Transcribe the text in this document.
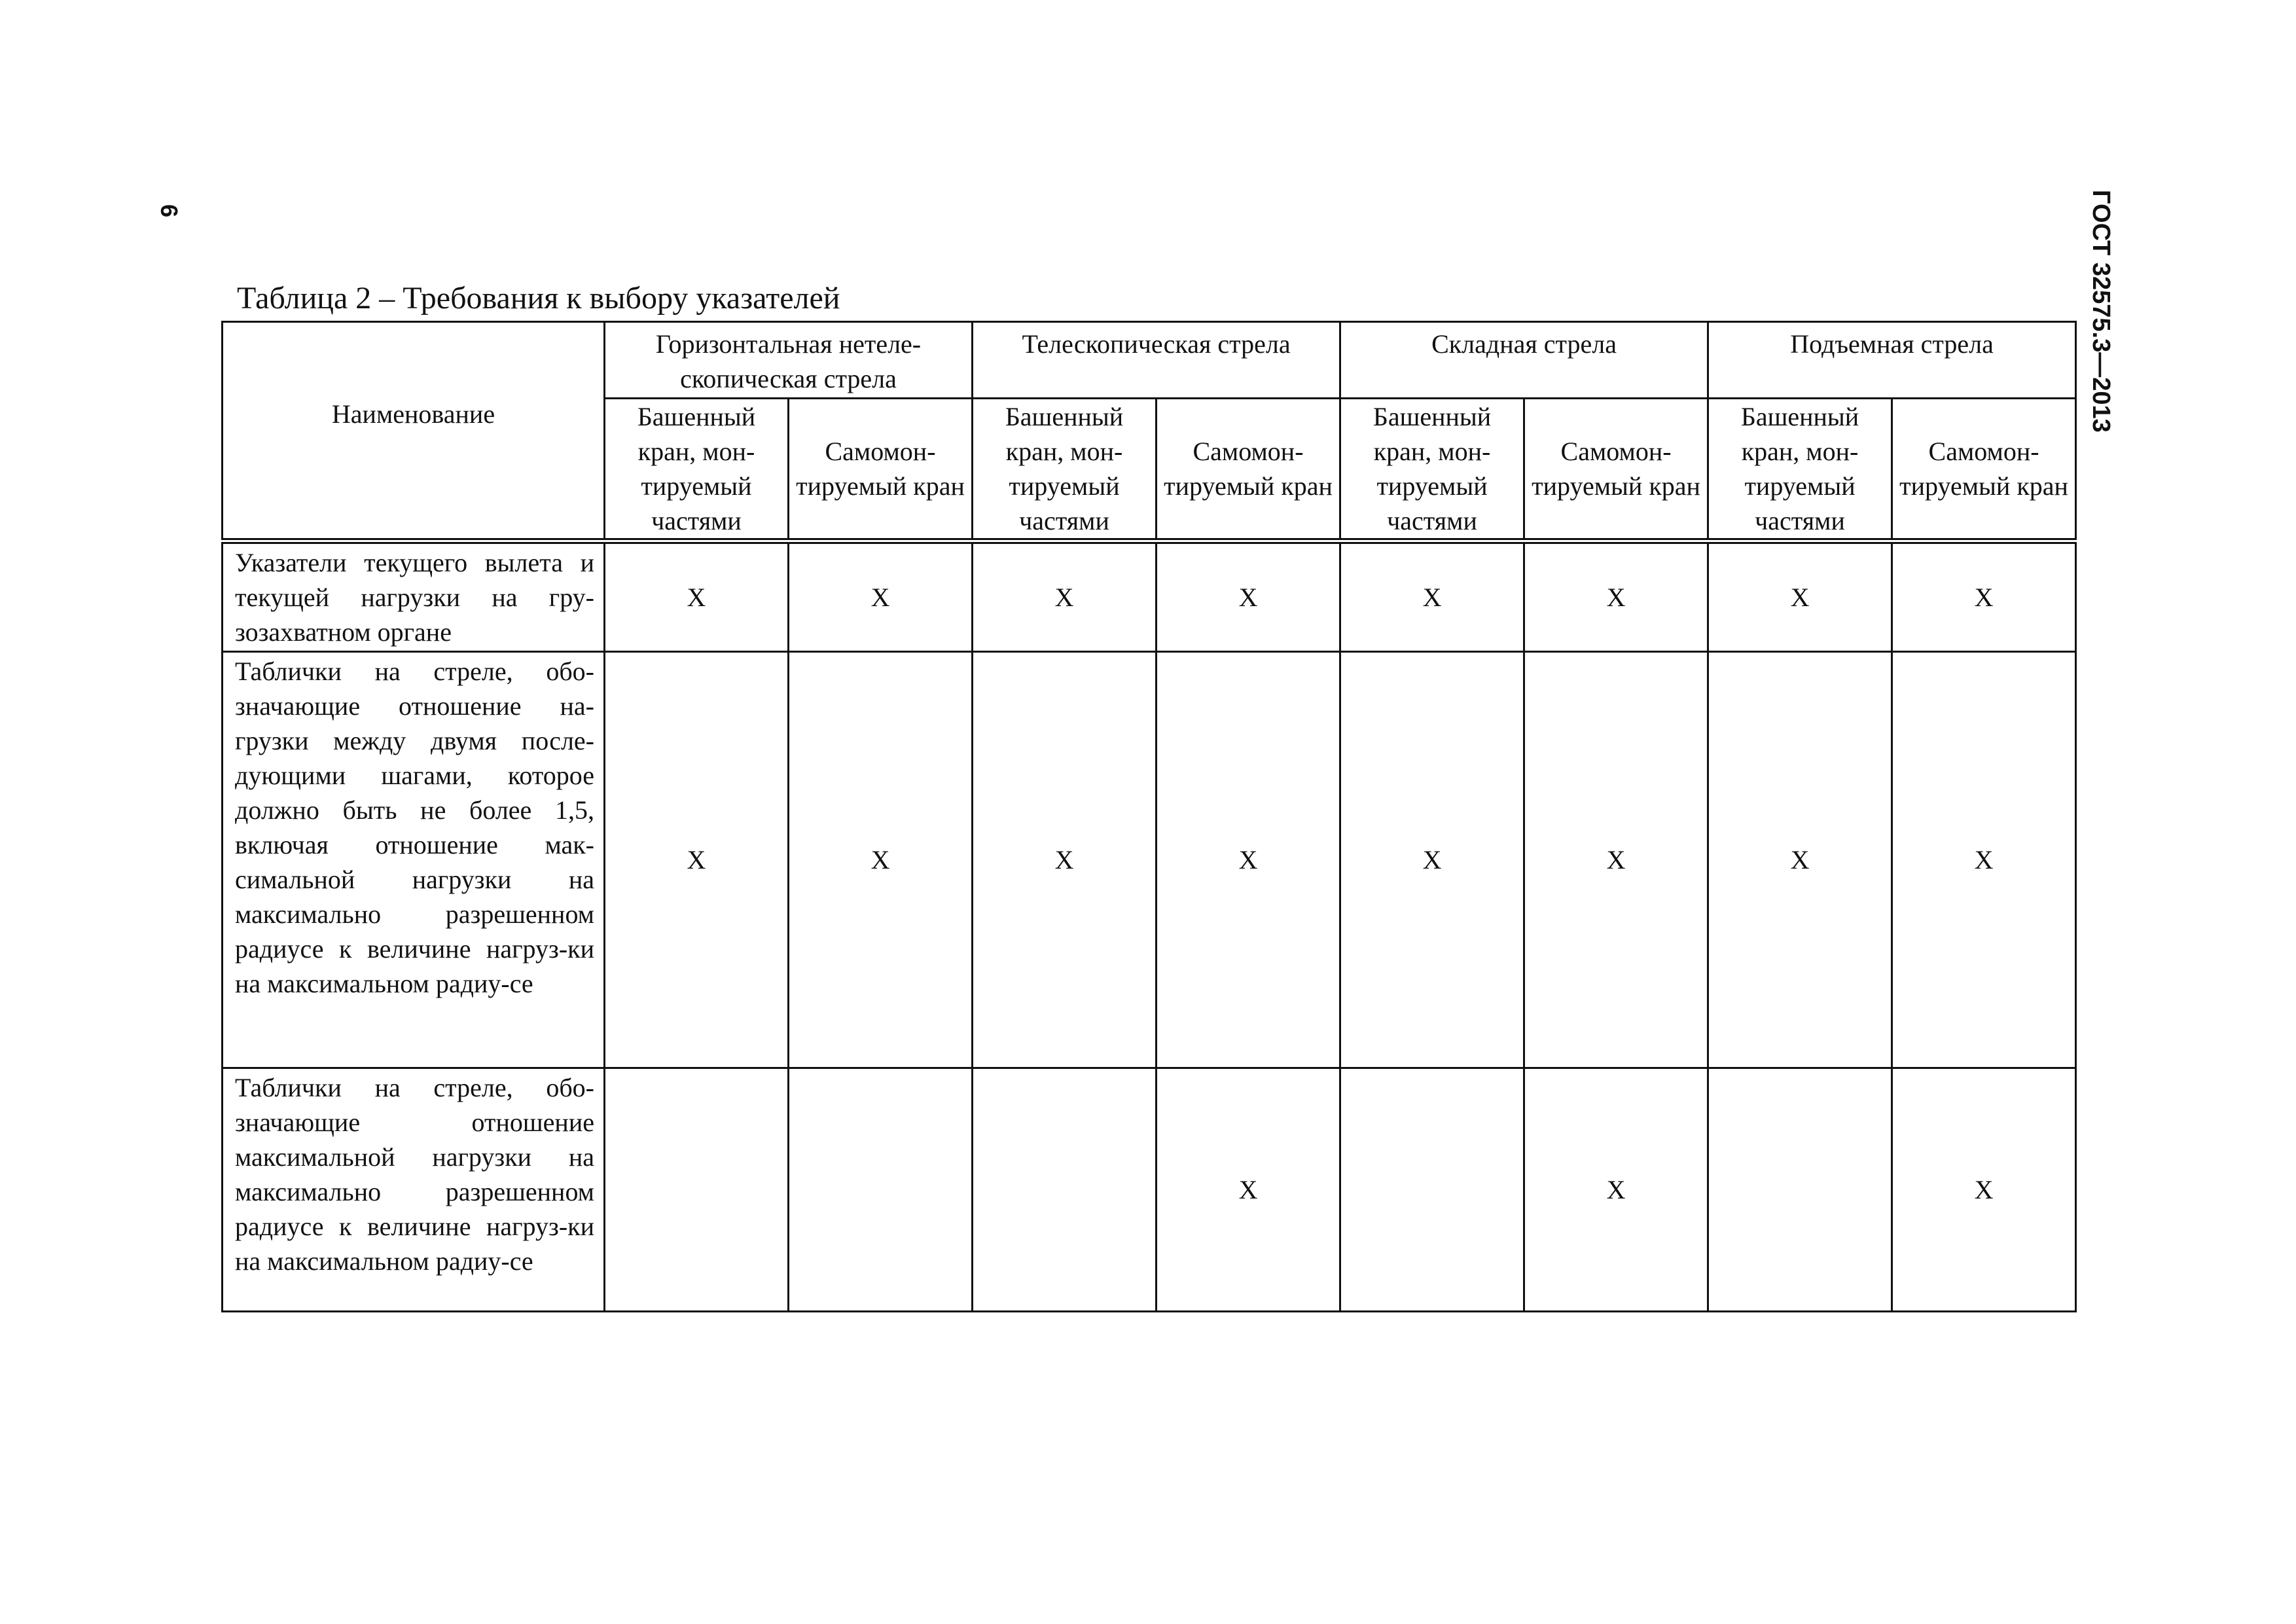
6	ГОСТ 32575.3—2013
Таблица 2 – Требования к выбору указателей
Наименование	Горизонтальная нетеле-скопическая стрела		Телескопическая стрела		Складная стрела		Подъемная стрела	
	Башенный кран, мон-тируемый частями	Самомон-тируемый кран	Башенный кран, мон-тируемый частями	Самомон-тируемый кран	Башенный кран, мон-тируемый частями	Самомон-тируемый кран	Башенный кран, мон-тируемый частями	Самомон-тируемый кран
Указатели текущего вылета и текущей нагрузки на гру-зозахватном органе	X	X	X	X	X	X	X	X
Таблички на стреле, обо-значающие отношение на-грузки между двумя после-дующими шагами, которое должно быть не более 1,5, включая отношение мак-симальной нагрузки на максимально разрешенном радиусе к величине нагруз-ки на максимальном радиу-се	X	X	X	X	X	X	X	X
Таблички на стреле, обо-значающие отношение максимальной нагрузки на максимально разрешенном радиусе к величине нагруз-ки на максимальном радиу-се				X		X		X
